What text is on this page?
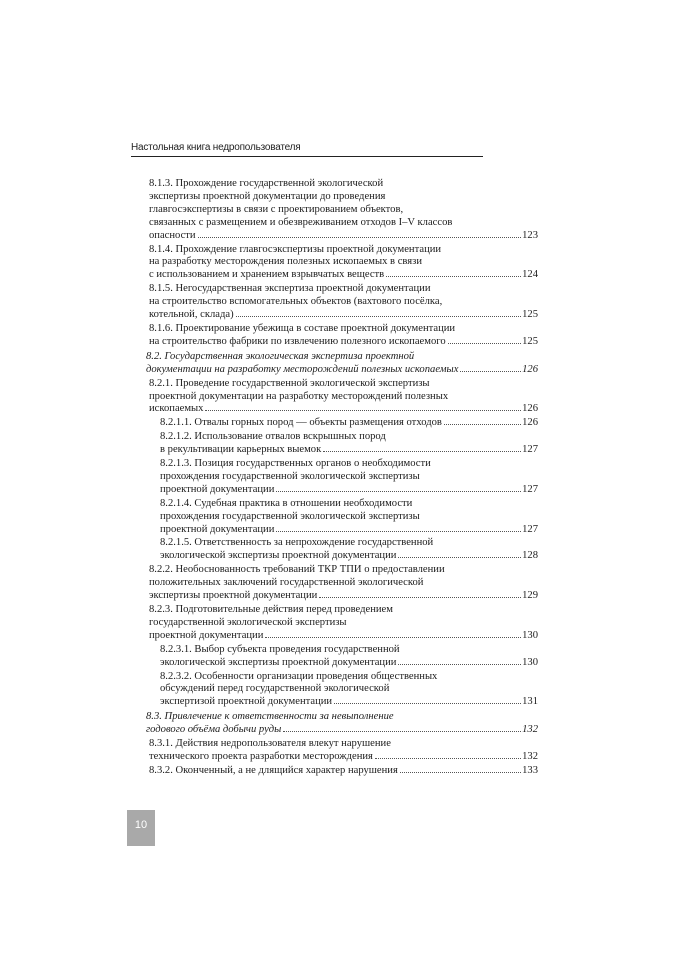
Настольная книга недропользователя
8.1.3. Прохождение государственной экологической
экспертизы проектной документации до проведения
главгосэкспертизы в связи с проектированием объектов,
связанных с размещением и обезвреживанием отходов I–V классов
опасности	123
8.1.4. Прохождение главгосэкспертизы проектной документации
на разработку месторождения полезных ископаемых в связи
с использованием и хранением взрывчатых веществ	124
8.1.5. Негосударственная экспертиза проектной документации
на строительство вспомогательных объектов (вахтового посёлка,
котельной, склада)	125
8.1.6. Проектирование убежища в составе проектной документации
на строительство фабрики по извлечению полезного ископаемого	125
8.2. Государственная экологическая экспертиза проектной
документации на разработку месторождений полезных ископаемых	126
8.2.1. Проведение государственной экологической экспертизы
проектной документации на разработку месторождений полезных
ископаемых	126
8.2.1.1. Отвалы горных пород — объекты размещения отходов	126
8.2.1.2. Использование отвалов вскрышных пород
в рекультивации карьерных выемок	127
8.2.1.3. Позиция государственных органов о необходимости
прохождения государственной экологической экспертизы
проектной документации	127
8.2.1.4. Судебная практика в отношении необходимости
прохождения государственной экологической экспертизы
проектной документации	127
8.2.1.5. Ответственность за непрохождение государственной
экологической экспертизы проектной документации	128
8.2.2. Необоснованность требований ТКР ТПИ о предоставлении
положительных заключений государственной экологической
экспертизы проектной документации	129
8.2.3. Подготовительные действия перед проведением
государственной экологической экспертизы
проектной документации	130
8.2.3.1. Выбор субъекта проведения государственной
экологической экспертизы проектной документации	130
8.2.3.2. Особенности организации проведения общественных
обсуждений перед государственной экологической
экспертизой проектной документации	131
8.3. Привлечение к ответственности за невыполнение
годового объёма добычи руды	132
8.3.1. Действия недропользователя влекут нарушение
технического проекта разработки месторождения	132
8.3.2. Оконченный, а не длящийся характер нарушения	133
10
